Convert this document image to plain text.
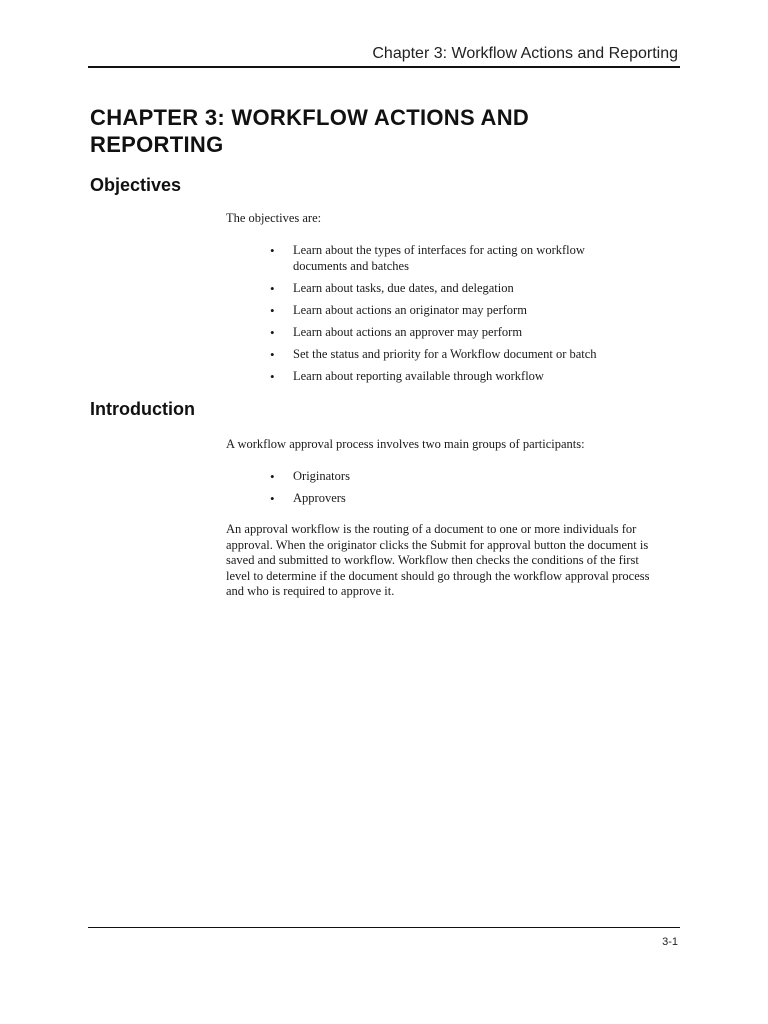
Chapter 3: Workflow Actions and Reporting
CHAPTER 3: WORKFLOW ACTIONS AND REPORTING
Objectives

The objectives are:

• Learn about the types of interfaces for acting on workflow documents and batches
• Learn about tasks, due dates, and delegation
• Learn about actions an originator may perform
• Learn about actions an approver may perform
• Set the status and priority for a Workflow document or batch
• Learn about reporting available through workflow
Introduction

A workflow approval process involves two main groups of participants:

• Originators
• Approvers

An approval workflow is the routing of a document to one or more individuals for approval. When the originator clicks the Submit for approval button the document is saved and submitted to workflow. Workflow then checks the conditions of the first level to determine if the document should go through the workflow approval process and who is required to approve it.

3-1
